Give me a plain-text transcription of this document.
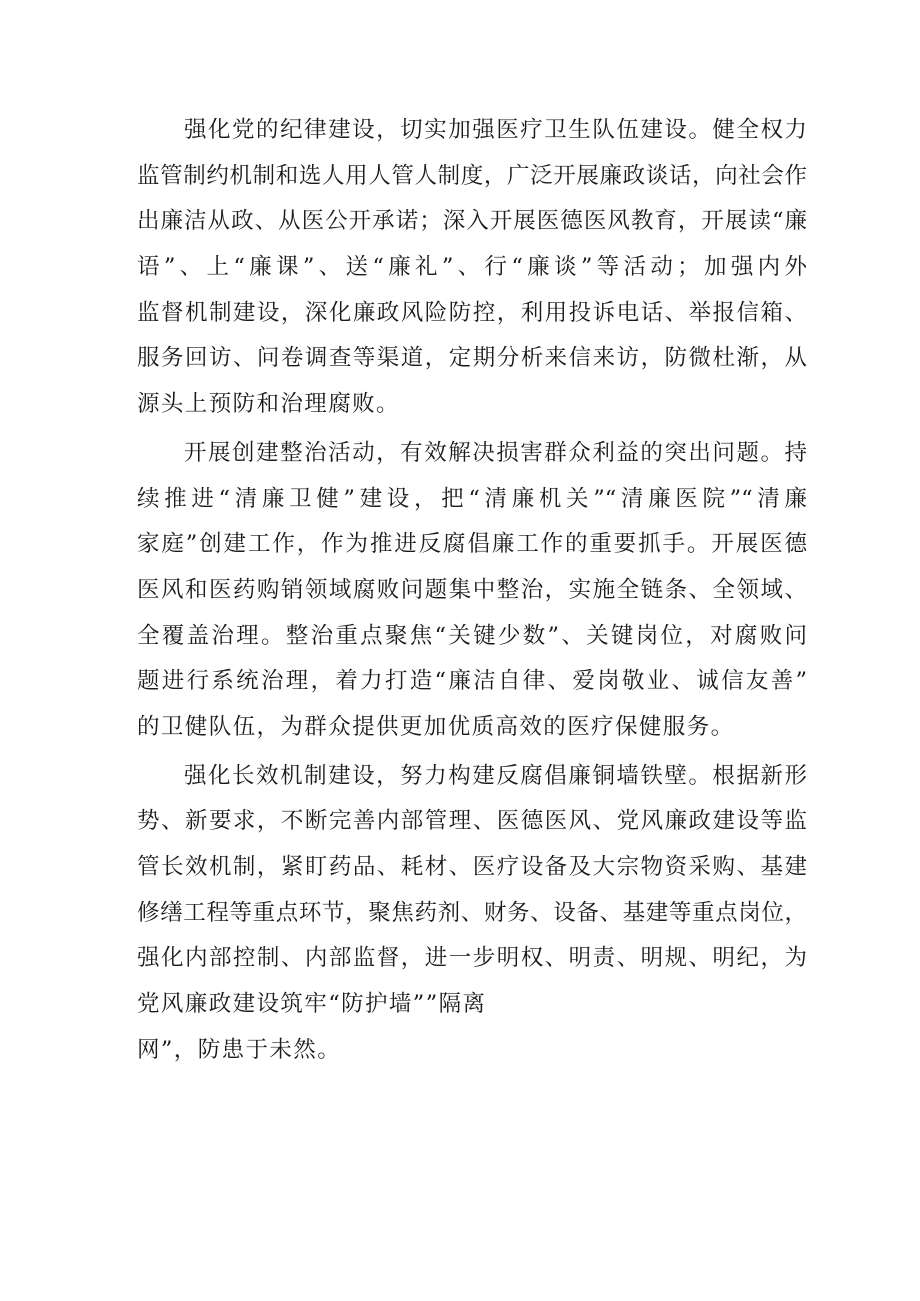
强化党的纪律建设，切实加强医疗卫生队伍建设。健全权力
监管制约机制和选人用人管人制度，广泛开展廉政谈话，向社会作
出廉洁从政、从医公开承诺；深入开展医德医风教育，开展读“廉
语”、上“廉课”、送“廉礼”、行“廉谈”等活动；加强内外
监督机制建设，深化廉政风险防控，利用投诉电话、举报信箱、
服务回访、问卷调查等渠道，定期分析来信来访，防微杜渐，从
源头上预防和治理腐败。
开展创建整治活动，有效解决损害群众利益的突出问题。持
续推进“清廉卫健”建设，把“清廉机关”“清廉医院”“清廉
家庭”创建工作，作为推进反腐倡廉工作的重要抓手。开展医德
医风和医药购销领域腐败问题集中整治，实施全链条、全领域、
全覆盖治理。整治重点聚焦“关键少数”、关键岗位，对腐败问
题进行系统治理，着力打造“廉洁自律、爱岗敬业、诚信友善”
的卫健队伍，为群众提供更加优质高效的医疗保健服务。
强化长效机制建设，努力构建反腐倡廉铜墙铁壁。根据新形
势、新要求，不断完善内部管理、医德医风、党风廉政建设等监
管长效机制，紧盯药品、耗材、医疗设备及大宗物资采购、基建
修缮工程等重点环节，聚焦药剂、财务、设备、基建等重点岗位，
强化内部控制、内部监督，进一步明权、明责、明规、明纪，为
党风廉政建设筑牢“防护墙””隔离
网”，防患于未然。
